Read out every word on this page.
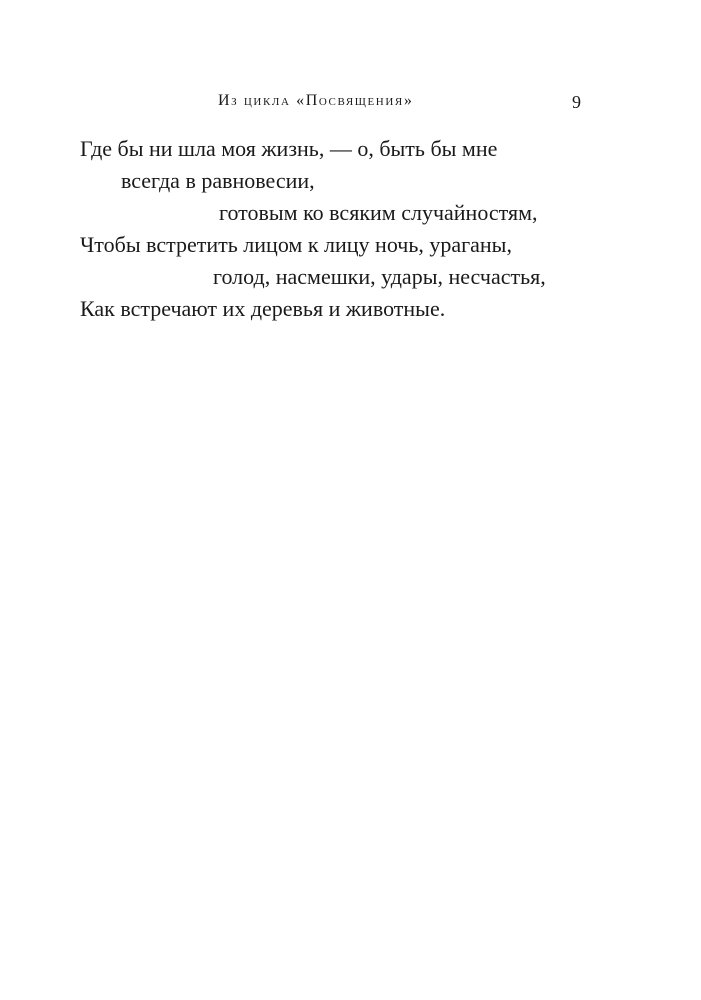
Из цикла «Посвящения»	9
Где бы ни шла моя жизнь, — о, быть бы мне
всегда в равновесии,
готовым ко всяким случайностям,
Чтобы встретить лицом к лицу ночь, ураганы,
голод, насмешки, удары, несчастья,
Как встречают их деревья и животные.
